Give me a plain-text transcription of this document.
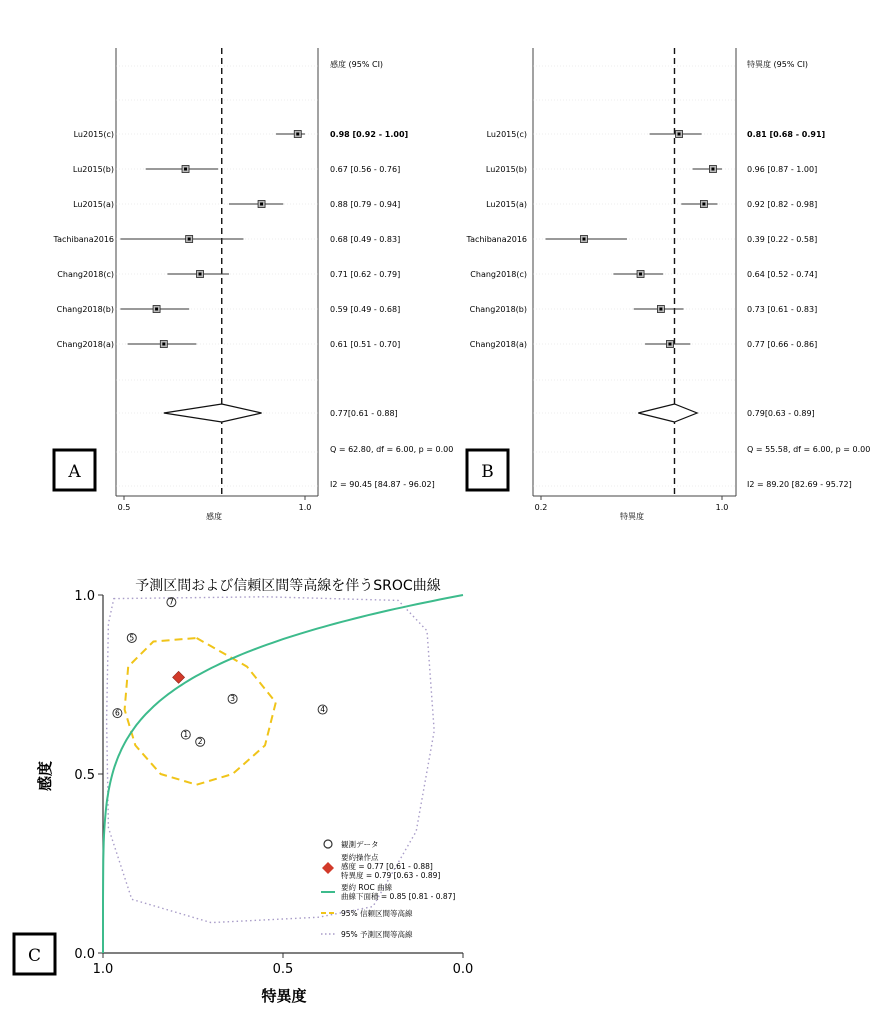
感度 (95% CI)
Q = 62.80, df = 6.00, p = 0.00
I2 = 90.45 [84.87 - 96.02]
感度
A
0.5	1.0
Lu2015(c)	0.98 [0.92 - 1.00]
Lu2015(b)	0.67 [0.56 - 0.76]
Lu2015(a)	0.88 [0.79 - 0.94]
Tachibana2016	0.68 [0.49 - 0.83]
Chang2018(c)	0.71 [0.62 - 0.79]
Chang2018(b)	0.59 [0.49 - 0.68]
Chang2018(a)	0.61 [0.51 - 0.70]
0.77[0.61 - 0.88]
特異度 (95% CI)
Q = 55.58, df = 6.00, p = 0.00
I2 = 89.20 [82.69 - 95.72]
特異度
B
0.2	1.0
Lu2015(c)	0.81 [0.68 - 0.91]
Lu2015(b)	0.96 [0.87 - 1.00]
Lu2015(a)	0.92 [0.82 - 0.98]
Tachibana2016	0.39 [0.22 - 0.58]
Chang2018(c)	0.64 [0.52 - 0.74]
Chang2018(b)	0.73 [0.61 - 0.83]
Chang2018(a)	0.77 [0.66 - 0.86]
0.79[0.63 - 0.89]
予測区間および信頼区間等高線を伴うSROC曲線
特異度
感度
C
1.0	0.5	0.0
0.0
0.5
1.0
1
2
3
4
5
6
7
観測データ
要約操作点
感度 = 0.77 [0.61 - 0.88]
特異度 = 0.79 [0.63 - 0.89]
要約 ROC 曲線
曲線下面積 = 0.85 [0.81 - 0.87]
95% 信頼区間等高線
95% 予測区間等高線
